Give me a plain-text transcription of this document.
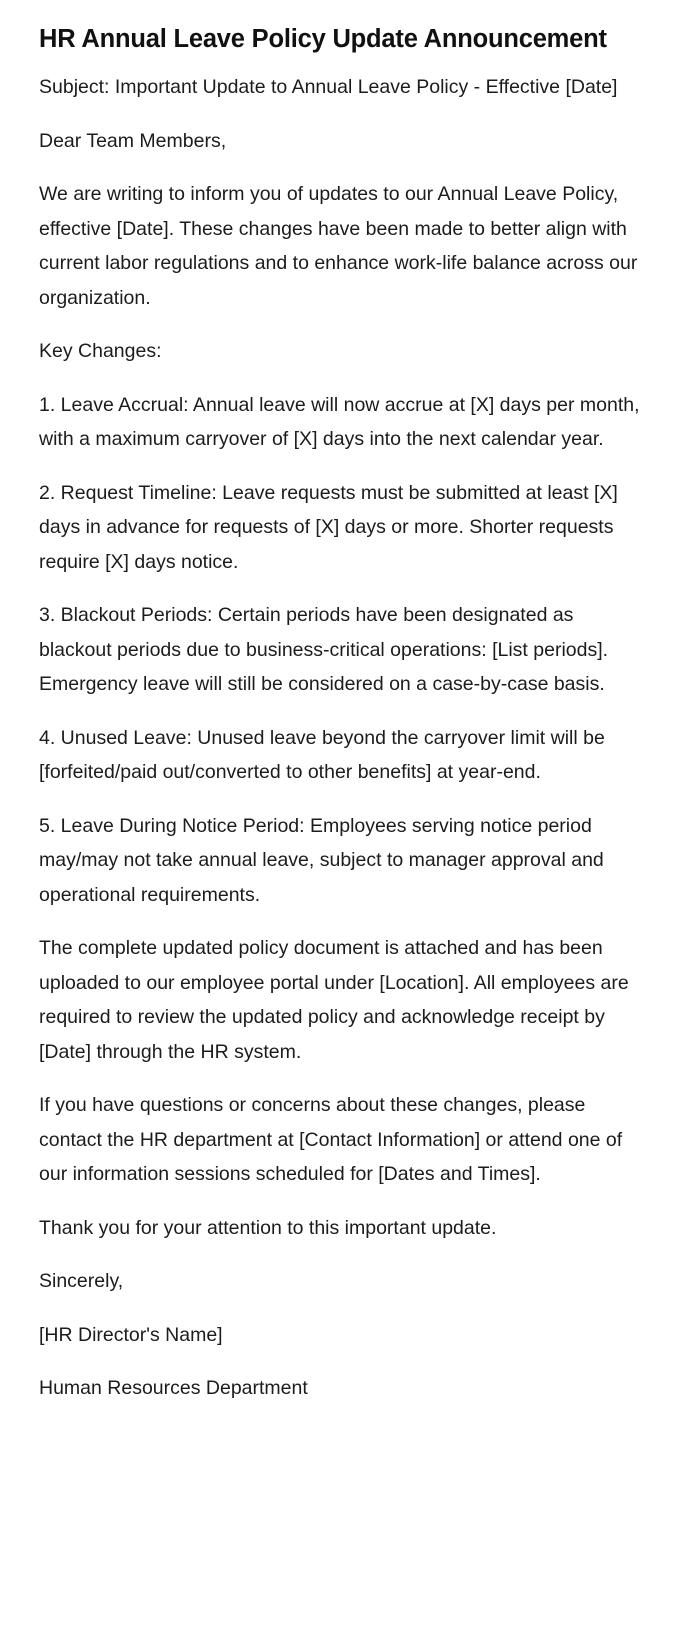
HR Annual Leave Policy Update Announcement

Subject: Important Update to Annual Leave Policy - Effective [Date]

Dear Team Members,

We are writing to inform you of updates to our Annual Leave Policy, effective [Date]. These changes have been made to better align with current labor regulations and to enhance work-life balance across our organization.

Key Changes:

1. Leave Accrual: Annual leave will now accrue at [X] days per month, with a maximum carryover of [X] days into the next calendar year.

2. Request Timeline: Leave requests must be submitted at least [X] days in advance for requests of [X] days or more. Shorter requests require [X] days notice.

3. Blackout Periods: Certain periods have been designated as blackout periods due to business-critical operations: [List periods]. Emergency leave will still be considered on a case-by-case basis.

4. Unused Leave: Unused leave beyond the carryover limit will be [forfeited/paid out/converted to other benefits] at year-end.

5. Leave During Notice Period: Employees serving notice period may/may not take annual leave, subject to manager approval and operational requirements.

The complete updated policy document is attached and has been uploaded to our employee portal under [Location]. All employees are required to review the updated policy and acknowledge receipt by [Date] through the HR system.

If you have questions or concerns about these changes, please contact the HR department at [Contact Information] or attend one of our information sessions scheduled for [Dates and Times].

Thank you for your attention to this important update.

Sincerely,

[HR Director's Name]

Human Resources Department
